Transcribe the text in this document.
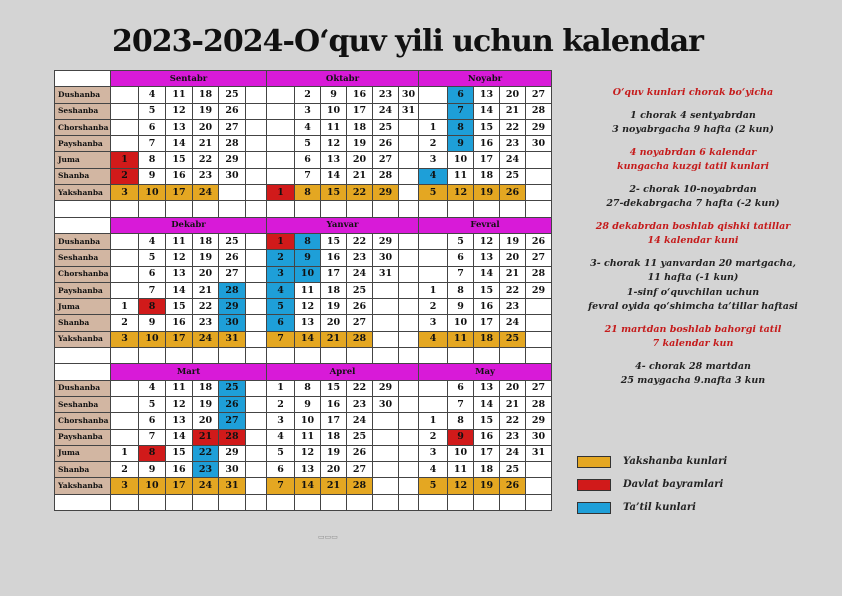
2023-2024-O‘quv yili uchun kalendar
	Sentabr						Oktabr						Noyabr				
Dushanba		4	11	18	25			2	9	16	23	30		6	13	20	27
Seshanba		5	12	19	26			3	10	17	24	31		7	14	21	28
Chorshanba		6	13	20	27			4	11	18	25		1	8	15	22	29
Payshanba		7	14	21	28			5	12	19	26		2	9	16	23	30
Juma	1	8	15	22	29			6	13	20	27		3	10	17	24	
Shanba	2	9	16	23	30			7	14	21	28		4	11	18	25	
Yakshanba	3	10	17	24			1	8	15	22	29		5	12	19	26	

	Dekabr						Yanvar						Fevral				
Dushanba		4	11	18	25		1	8	15	22	29			5	12	19	26
Seshanba		5	12	19	26		2	9	16	23	30			6	13	20	27
Chorshanba		6	13	20	27		3	10	17	24	31			7	14	21	28
Payshanba		7	14	21	28		4	11	18	25			1	8	15	22	29
Juma	1	8	15	22	29		5	12	19	26			2	9	16	23	
Shanba	2	9	16	23	30		6	13	20	27			3	10	17	24	
Yakshanba	3	10	17	24	31		7	14	21	28			4	11	18	25	

	Mart						Aprel						May				
Dushanba		4	11	18	25		1	8	15	22	29			6	13	20	27
Seshanba		5	12	19	26		2	9	16	23	30			7	14	21	28
Chorshanba		6	13	20	27		3	10	17	24			1	8	15	22	29
Payshanba		7	14	21	28		4	11	18	25			2	9	16	23	30
Juma	1	8	15	22	29		5	12	19	26			3	10	17	24	31
Shanba	2	9	16	23	30		6	13	20	27			4	11	18	25	
Yakshanba	3	10	17	24	31		7	14	21	28			5	12	19	26	

O‘quv kunlari chorak bo‘yicha
1 chorak 4 sentyabrdan
3 noyabrgacha 9 hafta (2 kun)
4 noyabrdan 6 kalendar
kungacha kuzgi tatil kunlari
2- chorak 10-noyabrdan
27-dekabrgacha 7 hafta (-2 kun)
28 dekabrdan boshlab qishki tatillar
14 kalendar kuni
3- chorak 11 yanvardan 20 martgacha,
11 hafta (-1 kun)
1-sinf o‘quvchilan uchun
fevral oyida qo‘shimcha ta’tillar haftasi
21 martdan boshlab bahorgi tatil
7 kalendar kun
4- chorak 28 martdan
25 maygacha 9.nafta 3 kun
Yakshanba kunlari
Davlat bayramlari
Ta’til kunlari
▭▭▭
